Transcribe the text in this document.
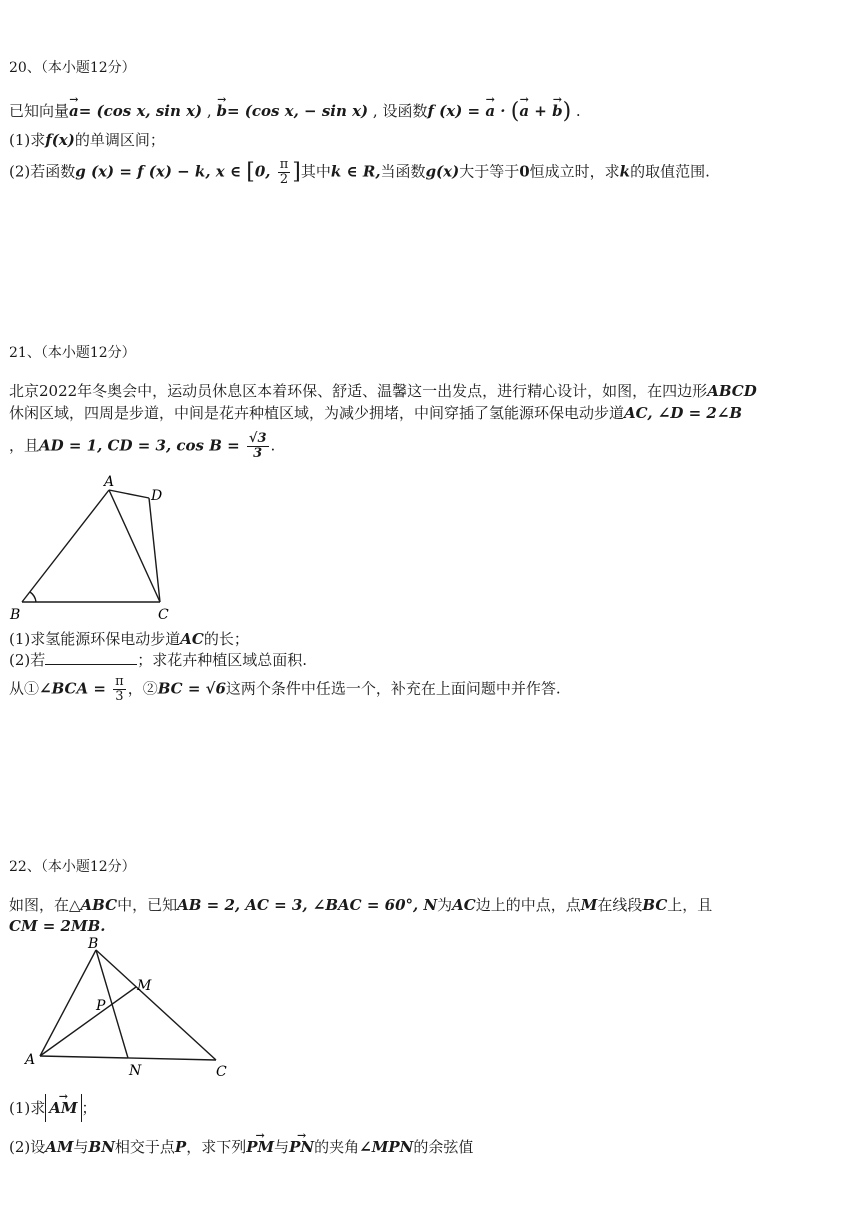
20、（本小题12分）
已知向量→ a= (cos x, sin x) , → b= (cos x, − sin x) , 设函数f (x) = → a · (→ a + → b) .
(1)求f(x)的单调区间；
(2)若函数g (x) = f (x) − k, x ∈ [0, $\frac{\pi}{2}$ ]其中k ∈ R,当函数g(x)大于等于0恒成立时，求k的取值范围.
21、（本小题12分）
北京2022年冬奥会中，运动员休息区本着环保、舒适、温馨这一出发点，进行精心设计，如图，在四边形ABCD
休闲区域，四周是步道，中间是花卉种植区域，为减少拥堵，中间穿插了氢能源环保电动步道AC, ∠D = 2∠B
，且AD = 1, CD = 3, $\cos B = \frac{√3}{3}$ .
A
D
B	C
(1)求氢能源环保电动步道AC的长；
(2)若	；求花卉种植区域总面积.
从①∠BCA = $\frac{\pi}{3}$ ，②BC = √6这两个条件中任选一个，补充在上面问题中并作答.
22、（本小题12分）
如图，在△ABC中，已知AB = 2, AC = 3, ∠BAC = 60°, N为AC边上的中点，点M在线段BC上，且
CM = 2MB.
B
M
P
A
N	C
(1)求→ AM ；
(2)设AM与BN相交于点P，求下列→ PM与→ PN的夹角∠MPN的余弦值
